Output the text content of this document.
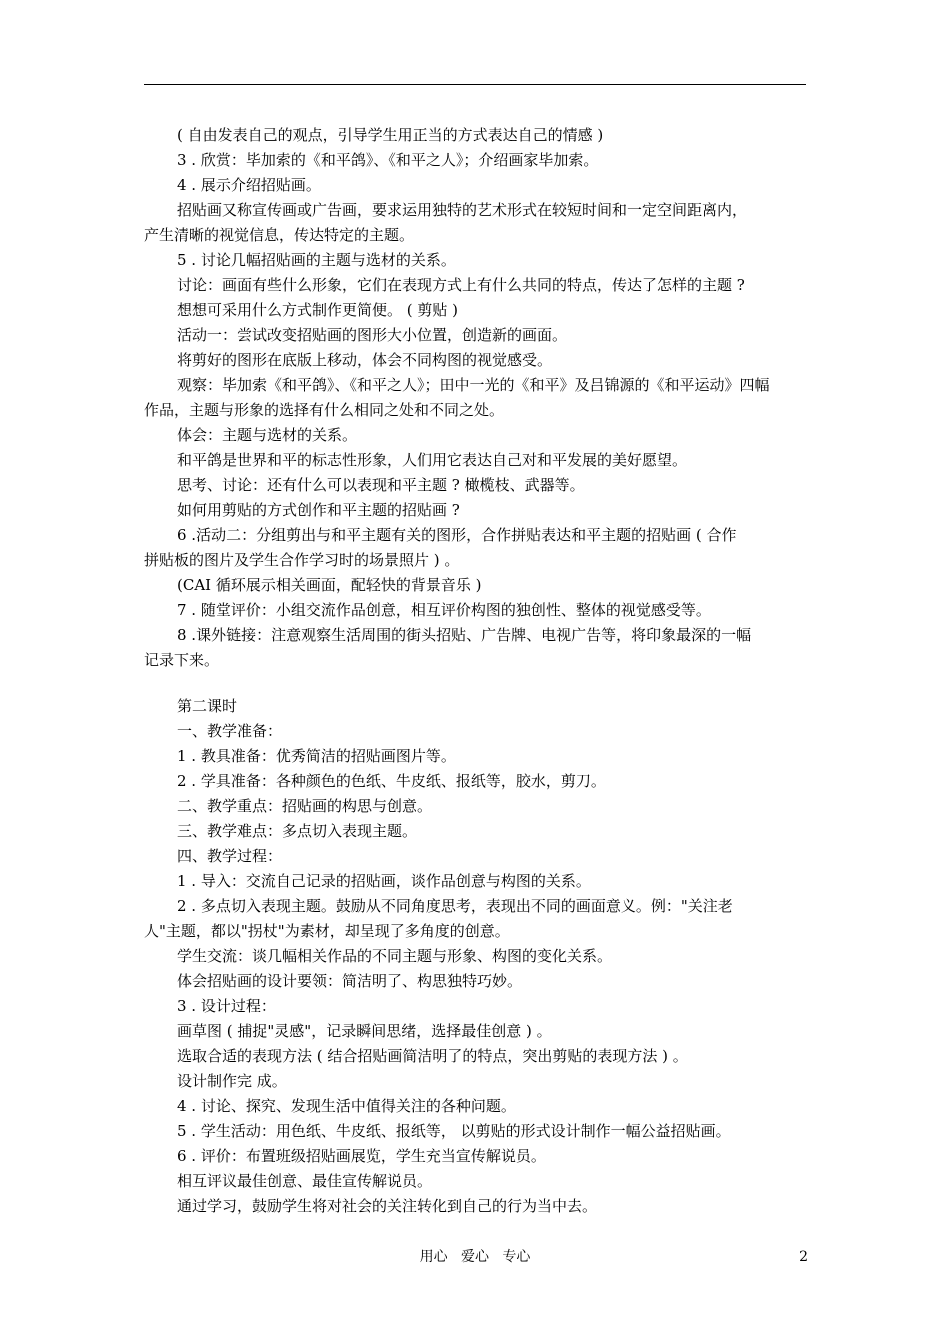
( 自由发表自己的观点，引导学生用正当的方式表达自己的情感 )
3 . 欣赏：毕加索的《和平鸽》、《和平之人》；介绍画家毕加索。
4 . 展示介绍招贴画。
招贴画又称宣传画或广告画，要求运用独特的艺术形式在较短时间和一定空间距离内，
产生清晰的视觉信息，传达特定的主题。
5 . 讨论几幅招贴画的主题与选材的关系。
讨论：画面有些什么形象，它们在表现方式上有什么共同的特点，传达了怎样的主题 ?
想想可采用什么方式制作更简便。 ( 剪贴 )
活动一：尝试改变招贴画的图形大小位置，创造新的画面。
将剪好的图形在底版上移动，体会不同构图的视觉感受。
观察：毕加索《和平鸽》、《和平之人》；田中一光的《和平》及吕锦源的《和平运动》四幅
作品，主题与形象的选择有什么相同之处和不同之处。
体会：主题与选材的关系。
和平鸽是世界和平的标志性形象，人们用它表达自己对和平发展的美好愿望。
思考、讨论：还有什么可以表现和平主题 ? 橄榄枝、武器等。
如何用剪贴的方式创作和平主题的招贴画 ?
6 .活动二：分组剪出与和平主题有关的图形，合作拼贴表达和平主题的招贴画 ( 合作
拼贴板的图片及学生合作学习时的场景照片 ) 。
(CAI 循环展示相关画面，配轻快的背景音乐 )
7 . 随堂评价：小组交流作品创意，相互评价构图的独创性、整体的视觉感受等。
8 .课外链接：注意观察生活周围的街头招贴、广告牌、电视广告等，将印象最深的一幅
记录下来。
第二课时
一、教学准备：
1 . 教具准备：优秀简洁的招贴画图片等。
2 . 学具准备：各种颜色的色纸、牛皮纸、报纸等，胶水，剪刀。
二、教学重点：招贴画的构思与创意。
三、教学难点：多点切入表现主题。
四、教学过程：
1 . 导入：交流自己记录的招贴画，谈作品创意与构图的关系。
2 . 多点切入表现主题。鼓励从不同角度思考，表现出不同的画面意义。例："关注老
人"主题，都以"拐杖"为素材，却呈现了多角度的创意。
学生交流：谈几幅相关作品的不同主题与形象、构图的变化关系。
体会招贴画的设计要领：简洁明了、构思独特巧妙。
3 . 设计过程：
画草图 ( 捕捉"灵感"，记录瞬间思绪，选择最佳创意 ) 。
选取合适的表现方法 ( 结合招贴画简洁明了的特点，突出剪贴的表现方法 ) 。
设计制作完 成。
4 . 讨论、探究、发现生活中值得关注的各种问题。
5 . 学生活动：用色纸、牛皮纸、报纸等， 以剪贴的形式设计制作一幅公益招贴画。
6 . 评价：布置班级招贴画展览，学生充当宣传解说员。
相互评议最佳创意、最佳宣传解说员。
通过学习，鼓励学生将对社会的关注转化到自己的行为当中去。
用心   爱心   专心	2
